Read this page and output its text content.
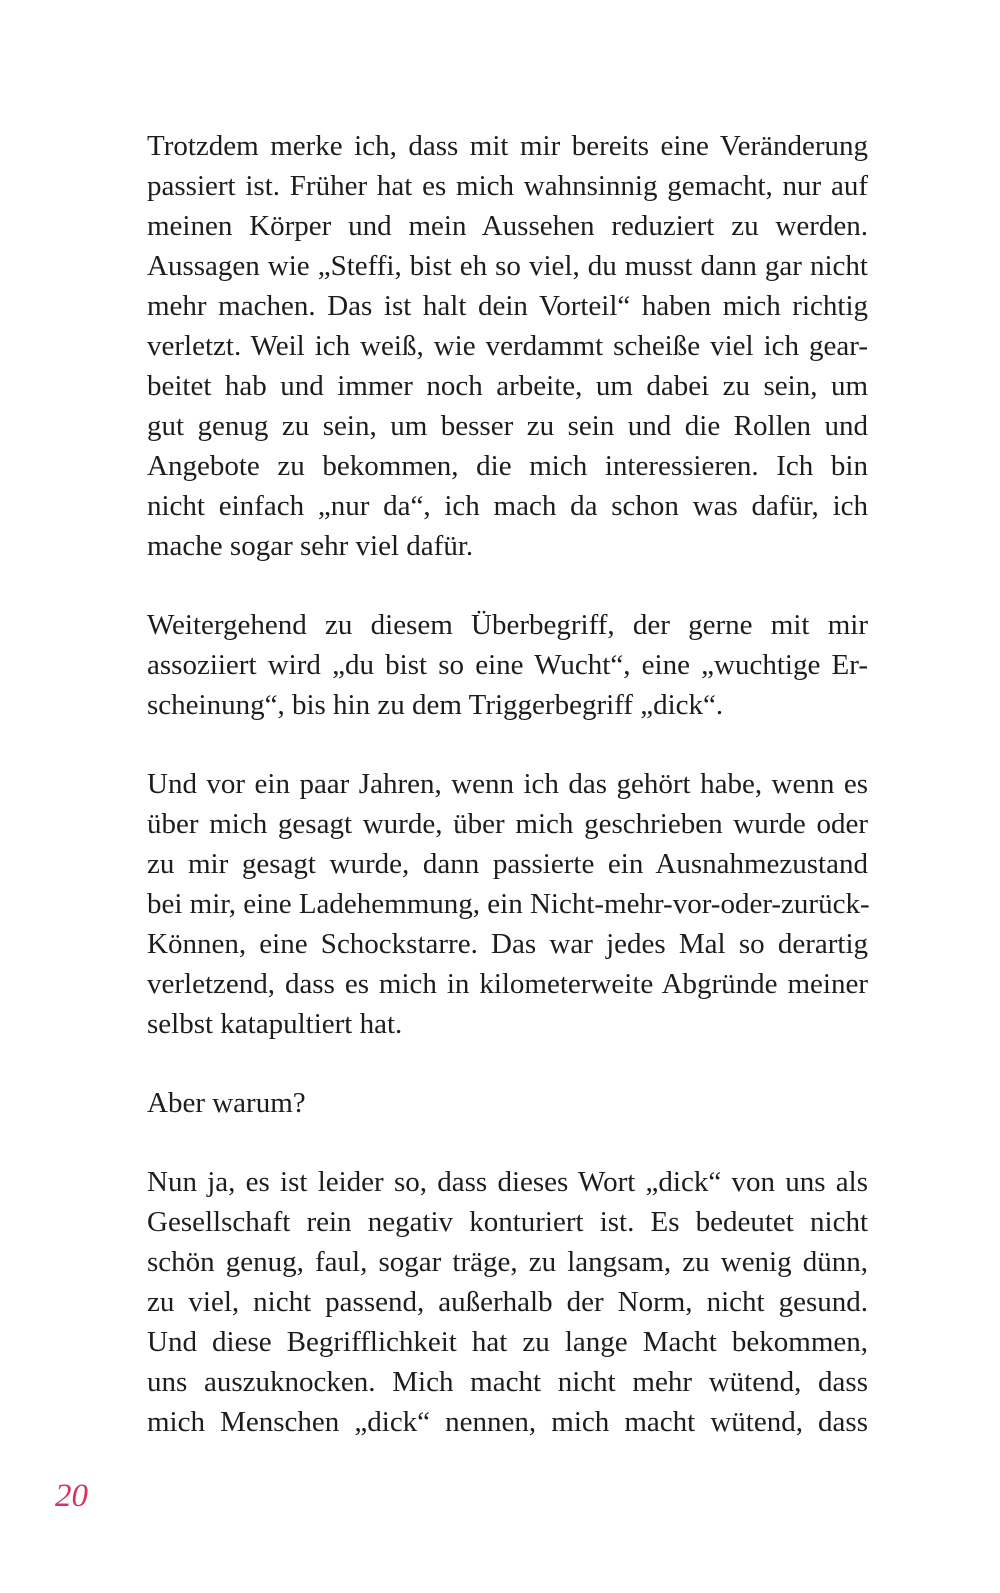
Trotzdem merke ich, dass mit mir bereits eine Veränderung
passiert ist. Früher hat es mich wahnsinnig gemacht, nur auf
meinen Körper und mein Aussehen reduziert zu werden.
Aussagen wie „Steffi, bist eh so viel, du musst dann gar nicht
mehr machen. Das ist halt dein Vorteil“ haben mich richtig
verletzt. Weil ich weiß, wie verdammt scheiße viel ich gear-
beitet hab und immer noch arbeite, um dabei zu sein, um
gut genug zu sein, um besser zu sein und die Rollen und
Angebote zu bekommen, die mich interessieren. Ich bin
nicht einfach „nur da“, ich mach da schon was dafür, ich
mache sogar sehr viel dafür.

Weitergehend zu diesem Überbegriff, der gerne mit mir
assoziiert wird „du bist so eine Wucht“, eine „wuchtige Er-
scheinung“, bis hin zu dem Triggerbegriff „dick“.

Und vor ein paar Jahren, wenn ich das gehört habe, wenn es
über mich gesagt wurde, über mich geschrieben wurde oder
zu mir gesagt wurde, dann passierte ein Ausnahmezustand
bei mir, eine Ladehemmung, ein Nicht-mehr-vor-oder-zurück-
Können, eine Schockstarre. Das war jedes Mal so derartig
verletzend, dass es mich in kilometerweite Abgründe meiner
selbst katapultiert hat.

Aber warum?

Nun ja, es ist leider so, dass dieses Wort „dick“ von uns als
Gesellschaft rein negativ konturiert ist. Es bedeutet nicht
schön genug, faul, sogar träge, zu langsam, zu wenig dünn,
zu viel, nicht passend, außerhalb der Norm, nicht gesund.
Und diese Begrifflichkeit hat zu lange Macht bekommen,
uns auszuknocken. Mich macht nicht mehr wütend, dass
mich Menschen „dick“ nennen, mich macht wütend, dass

20
